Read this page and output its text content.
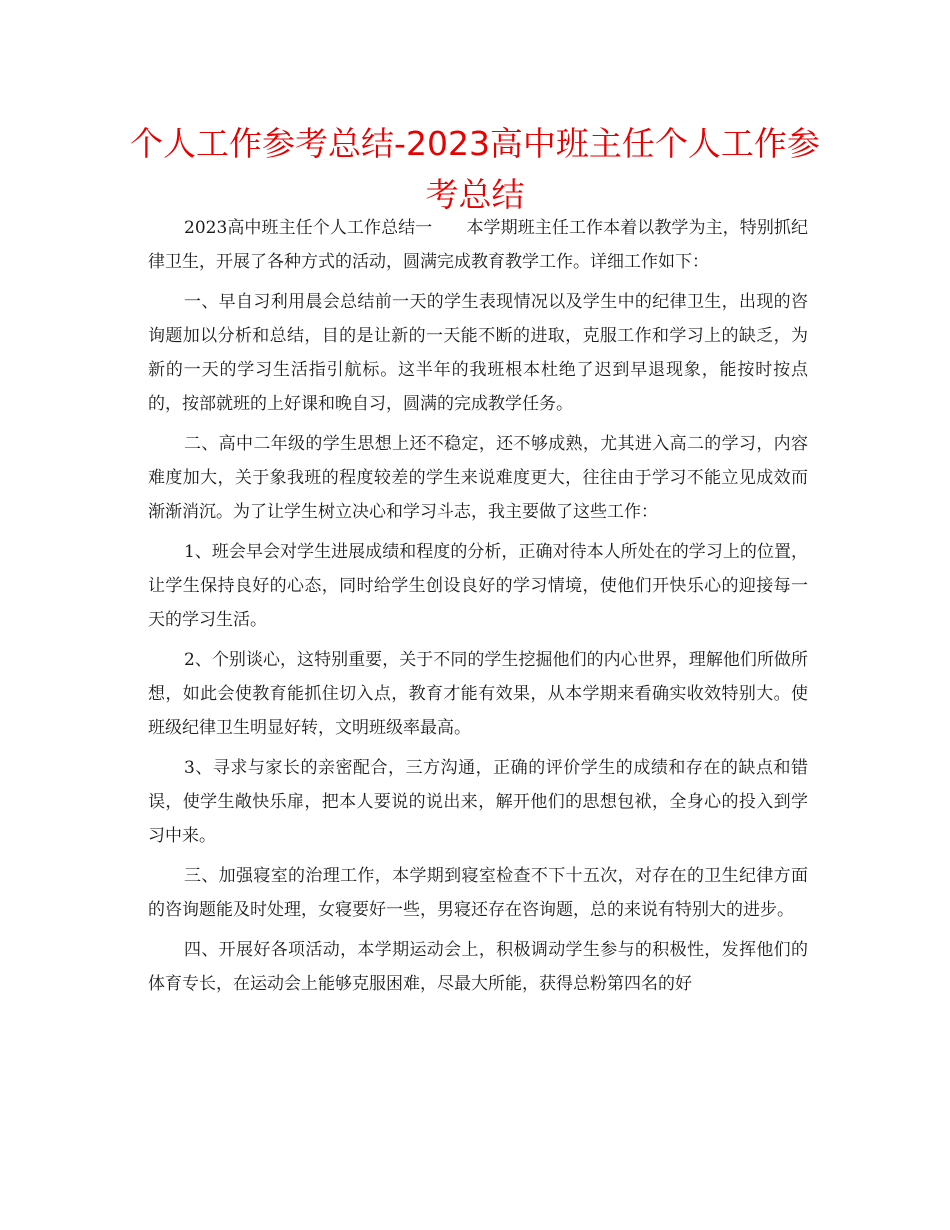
个人工作参考总结-2023高中班主任个人工作参考总结

2023高中班主任个人工作总结一　　本学期班主任工作本着以教学为主，特别抓纪律卫生，开展了各种方式的活动，圆满完成教育教学工作。详细工作如下：

一、早自习利用晨会总结前一天的学生表现情况以及学生中的纪律卫生，出现的咨询题加以分析和总结，目的是让新的一天能不断的进取，克服工作和学习上的缺乏，为新的一天的学习生活指引航标。这半年的我班根本杜绝了迟到早退现象，能按时按点的，按部就班的上好课和晚自习，圆满的完成教学任务。

二、高中二年级的学生思想上还不稳定，还不够成熟，尤其进入高二的学习，内容难度加大，关于象我班的程度较差的学生来说难度更大，往往由于学习不能立见成效而渐渐消沉。为了让学生树立决心和学习斗志，我主要做了这些工作：

1、班会早会对学生进展成绩和程度的分析，正确对待本人所处在的学习上的位置，让学生保持良好的心态，同时给学生创设良好的学习情境，使他们开快乐心的迎接每一天的学习生活。

2、个别谈心，这特别重要，关于不同的学生挖掘他们的内心世界，理解他们所做所想，如此会使教育能抓住切入点，教育才能有效果，从本学期来看确实收效特别大。使班级纪律卫生明显好转，文明班级率最高。

3、寻求与家长的亲密配合，三方沟通，正确的评价学生的成绩和存在的缺点和错误，使学生敞快乐扉，把本人要说的说出来，解开他们的思想包袱，全身心的投入到学习中来。

三、加强寝室的治理工作，本学期到寝室检查不下十五次，对存在的卫生纪律方面的咨询题能及时处理，女寝要好一些，男寝还存在咨询题，总的来说有特别大的进步。

四、开展好各项活动，本学期运动会上，积极调动学生参与的积极性，发挥他们的体育专长，在运动会上能够克服困难，尽最大所能，获得总粉第四名的好
